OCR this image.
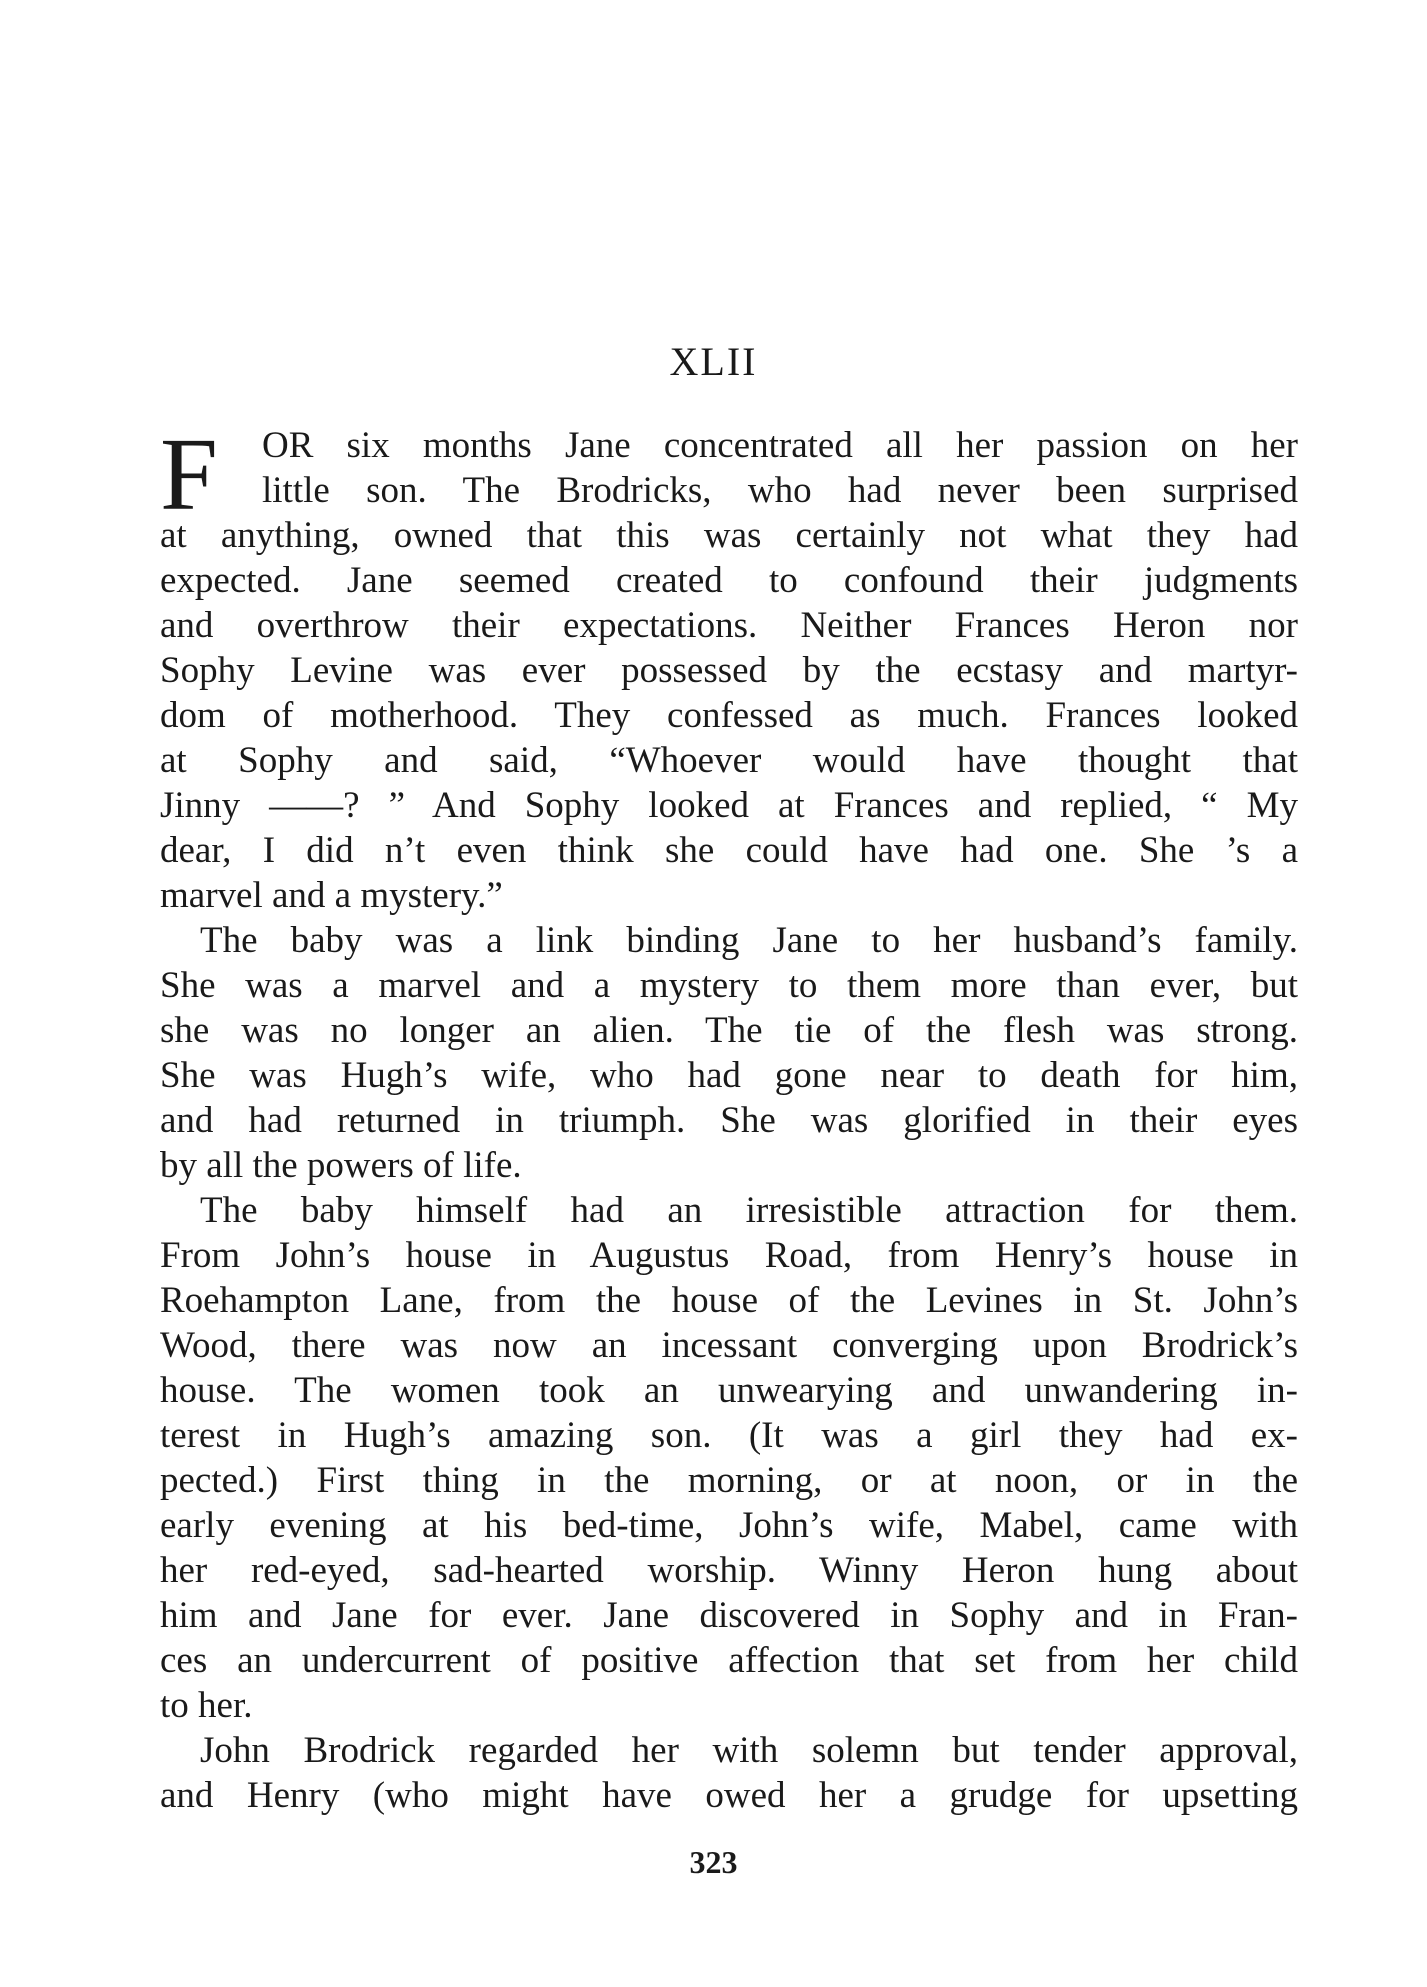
XLII
F OR six months Jane concentrated all her passion on her
little son. The Brodricks, who had never been surprised
at anything, owned that this was certainly not what they had
expected. Jane seemed created to confound their judgments
and overthrow their expectations. Neither Frances Heron nor
Sophy Levine was ever possessed by the ecstasy and martyr-
dom of motherhood. They confessed as much. Frances looked
at Sophy and said, “Whoever would have thought that
Jinny ——? ” And Sophy looked at Frances and replied, “ My
dear, I did n’t even think she could have had one. She ’s a
marvel and a mystery.”
The baby was a link binding Jane to her husband’s family.
She was a marvel and a mystery to them more than ever, but
she was no longer an alien. The tie of the flesh was strong.
She was Hugh’s wife, who had gone near to death for him,
and had returned in triumph. She was glorified in their eyes
by all the powers of life.
The baby himself had an irresistible attraction for them.
From John’s house in Augustus Road, from Henry’s house in
Roehampton Lane, from the house of the Levines in St. John’s
Wood, there was now an incessant converging upon Brodrick’s
house. The women took an unwearying and unwandering in-
terest in Hugh’s amazing son. (It was a girl they had ex-
pected.) First thing in the morning, or at noon, or in the
early evening at his bed-time, John’s wife, Mabel, came with
her red-eyed, sad-hearted worship. Winny Heron hung about
him and Jane for ever. Jane discovered in Sophy and in Fran-
ces an undercurrent of positive affection that set from her child
to her.
John Brodrick regarded her with solemn but tender approval,
and Henry (who might have owed her a grudge for upsetting
323
